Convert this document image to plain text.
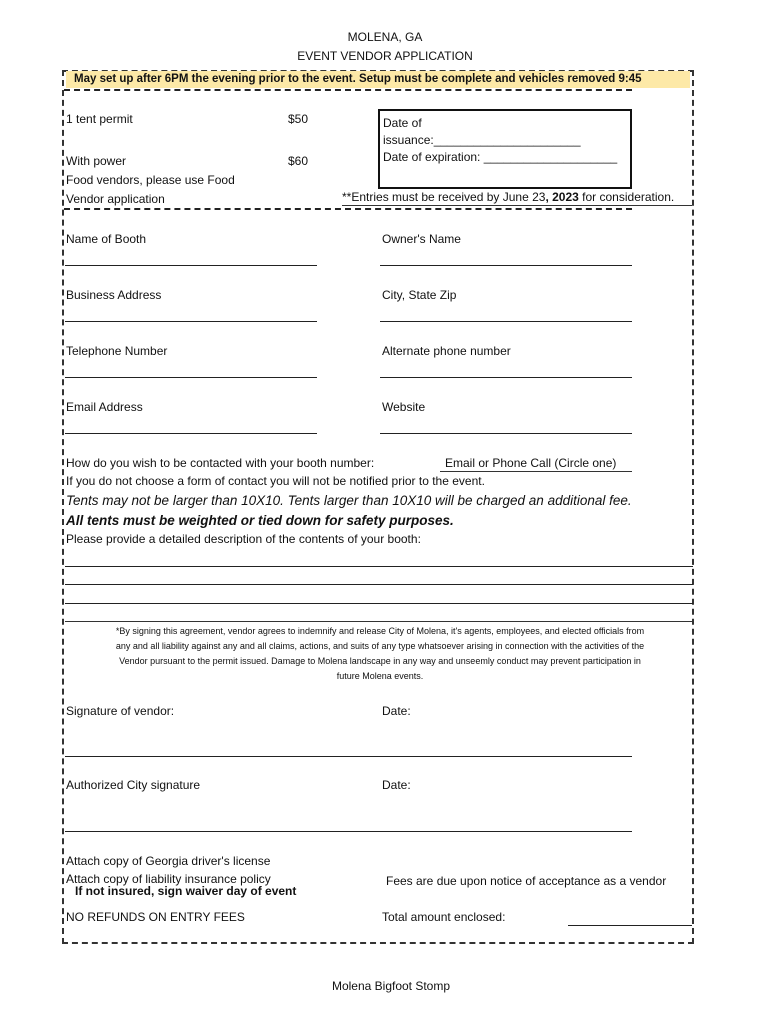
MOLENA, GA
EVENT VENDOR APPLICATION
May set up after 6PM the evening prior to the event. Setup must be complete and vehicles removed 9:45
1 tent permit	$50
With power	$60
Food vendors, please use Food
Vendor application
Date of
issuance:______________________
Date of expiration: ____________________
**Entries must be received by June 23, 2023 for consideration.
Name of Booth	Owner's Name
Business Address	City, State Zip
Telephone Number	Alternate phone number
Email Address	Website
How do you wish to be contacted with your booth number:	Email or Phone Call (Circle one)
If you do not choose a form of contact you will not be notified prior to the event.
Tents may not be larger than 10X10. Tents larger than 10X10 will be charged an additional fee.
All tents must be weighted or tied down for safety purposes.
Please provide a detailed description of the contents of your booth:
*By signing this agreement, vendor agrees to indemnify and release City of Molena, it's agents, employees, and elected officials from
any and all liability against any and all claims, actions, and suits of any type whatsoever arising in connection with the activities of the
Vendor pursuant to the permit issued. Damage to Molena landscape in any way and unseemly conduct may prevent participation in
future Molena events.
Signature of vendor:	Date:
Authorized City signature	Date:
Attach copy of Georgia driver's license
Attach copy of liability insurance policy
If not insured, sign waiver day of event
Fees are due upon notice of acceptance as a vendor
NO REFUNDS ON ENTRY FEES	Total amount enclosed:
Molena Bigfoot Stomp
